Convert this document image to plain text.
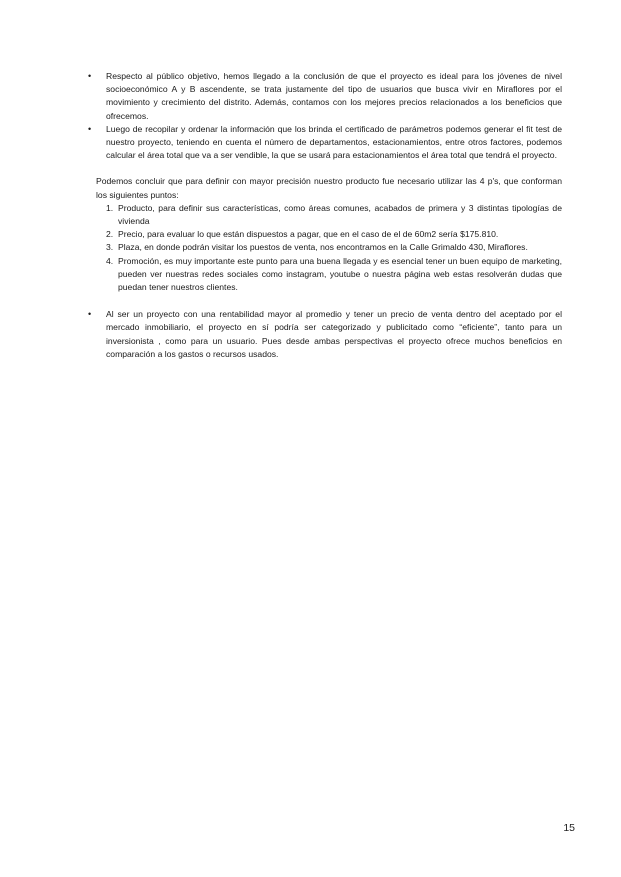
• Respecto al público objetivo, hemos llegado a la conclusión de que el proyecto es ideal para los jóvenes de nivel socioeconómico A y B ascendente, se trata justamente del tipo de usuarios que busca vivir en Miraflores por el movimiento y crecimiento del distrito. Además, contamos con los mejores precios relacionados a los beneficios que ofrecemos.
• Luego de recopilar y ordenar la información que los brinda el certificado de parámetros podemos generar el fit test de nuestro proyecto, teniendo en cuenta el número de departamentos, estacionamientos, entre otros factores, podemos calcular el área total que va a ser vendible, la que se usará para estacionamientos el área total que tendrá el proyecto.

Podemos concluir que para definir con mayor precisión nuestro producto fue necesario utilizar las 4 p's, que conforman los siguientes puntos:

1. Producto, para definir sus características, como áreas comunes, acabados de primera y 3 distintas tipologías de vivienda
2. Precio, para evaluar lo que están dispuestos a pagar, que en el caso de el de 60m2 sería $175.810.
3. Plaza, en donde podrán visitar los puestos de venta, nos encontramos en la Calle Grimaldo 430, Miraflores.
4. Promoción, es muy importante este punto para una buena llegada y es esencial tener un buen equipo de marketing, pueden ver nuestras redes sociales como instagram, youtube o nuestra página web estas resolverán dudas que puedan tener nuestros clientes.
• Al ser un proyecto con una rentabilidad mayor al promedio y tener un precio de venta dentro del aceptado por el mercado inmobiliario, el proyecto en sí podría ser categorizado y publicitado como “eficiente”, tanto para un inversionista , como para un usuario. Pues desde ambas perspectivas el proyecto ofrece muchos beneficios en comparación a los gastos o recursos usados.
15
